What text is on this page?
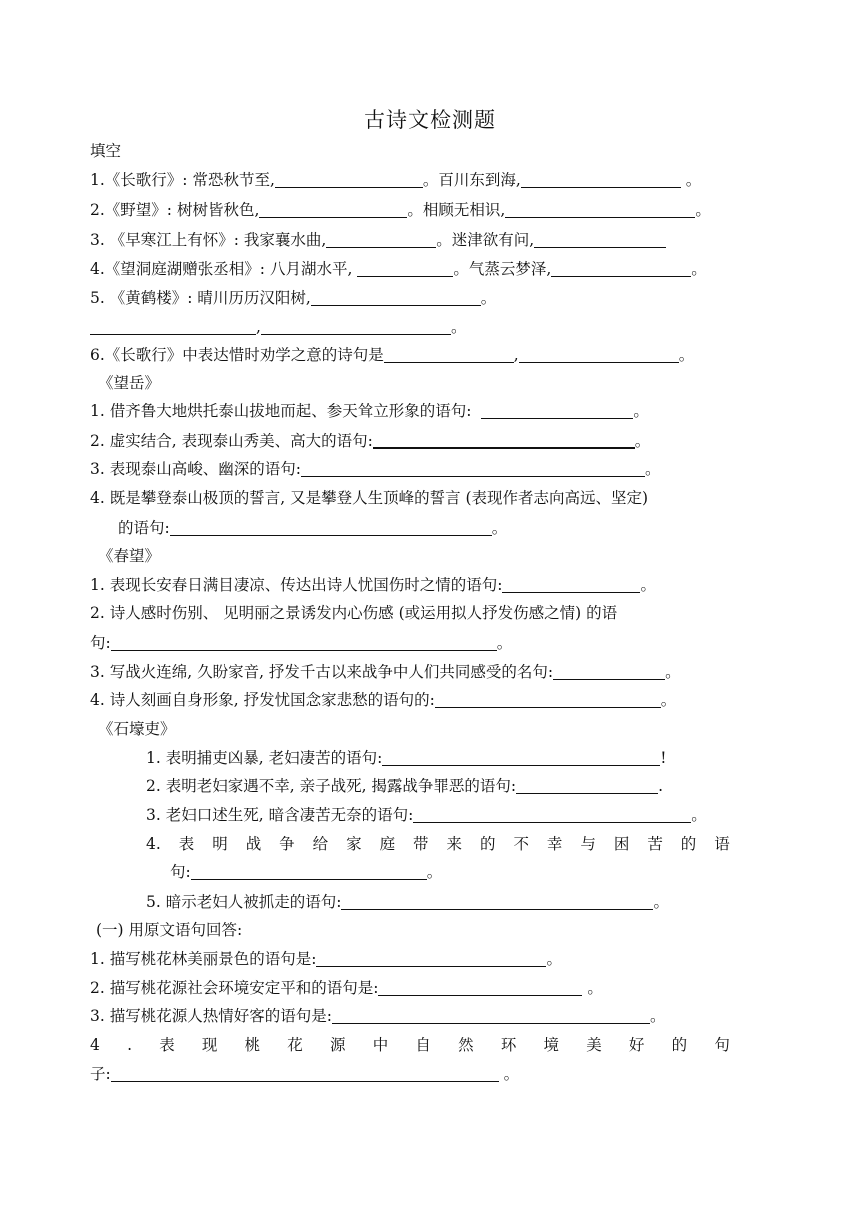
古诗文检测题
填空
1.《长歌行》: 常恐秋节至,	。百川东到海,	。
2.《野望》: 树树皆秋色,	。相顾无相识,	。
3. 《早寒江上有怀》: 我家襄水曲,	。迷津欲有问,
4.《望洞庭湖赠张丞相》: 八月湖水平,	。气蒸云梦泽,	。
5. 《黄鹤楼》: 晴川历历汉阳树,	。
,	。
6.《长歌行》中表达惜时劝学之意的诗句是	,	。
《望岳》
1. 借齐鲁大地烘托泰山拔地而起、参天耸立形象的语句:	。
2. 虚实结合, 表现泰山秀美、高大的语句:	。
3. 表现泰山高峻、幽深的语句:	。
4. 既是攀登泰山极顶的誓言, 又是攀登人生顶峰的誓言 (表现作者志向高远、坚定)
的语句:	。
《春望》
1. 表现长安春日满目凄凉、传达出诗人忧国伤时之情的语句:	。
2. 诗人感时伤别、 见明丽之景诱发内心伤感 (或运用拟人抒发伤感之情) 的语
句:	。
3. 写战火连绵, 久盼家音, 抒发千古以来战争中人们共同感受的名句:	。
4. 诗人刻画自身形象, 抒发忧国念家悲愁的语句的:	。
《石壕吏》
1. 表明捕吏凶暴, 老妇凄苦的语句:	!
2. 表明老妇家遇不幸, 亲子战死, 揭露战争罪恶的语句:	.
3. 老妇口述生死, 暗含凄苦无奈的语句:	。
4. 表 明 战 争 给 家 庭 带 来 的 不 幸 与 困 苦 的 语
句:	。
5. 暗示老妇人被抓走的语句:	。
(一) 用原文语句回答:
1. 描写桃花林美丽景色的语句是:	。
2. 描写桃花源社会环境安定平和的语句是:	。
3. 描写桃花源人热情好客的语句是:	。
4 . 表 现 桃 花 源 中 自 然 环 境 美 好 的 句
子:	。
